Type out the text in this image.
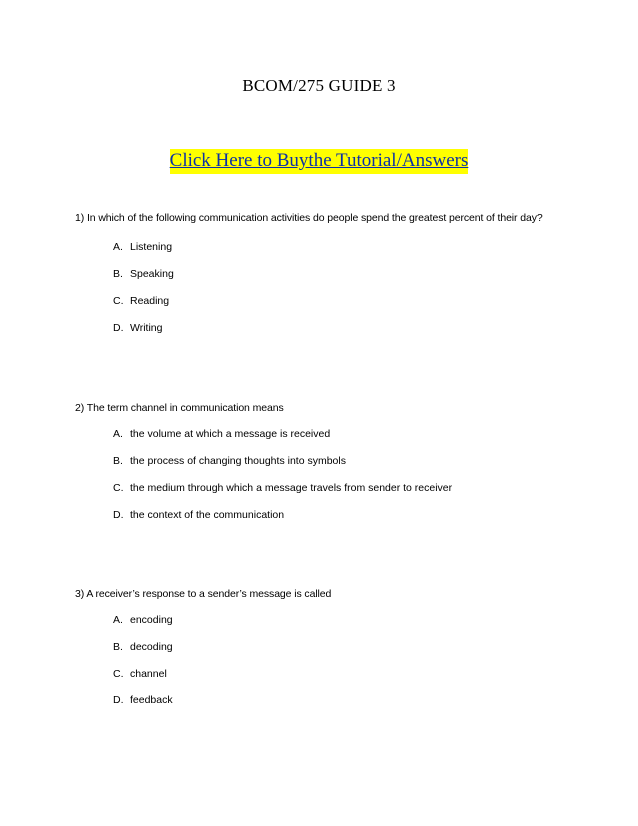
BCOM/275 GUIDE 3

Click Here to Buythe Tutorial/Answers

1) In which of the following communication activities do people spend the greatest percent of their day?

A. Listening

B. Speaking

C. Reading

D. Writing

2) The term channel in communication means

A. the volume at which a message is received

B. the process of changing thoughts into symbols

C. the medium through which a message travels from sender to receiver

D. the context of the communication

3) A receiver’s response to a sender’s message is called

A. encoding

B. decoding

C. channel

D. feedback
